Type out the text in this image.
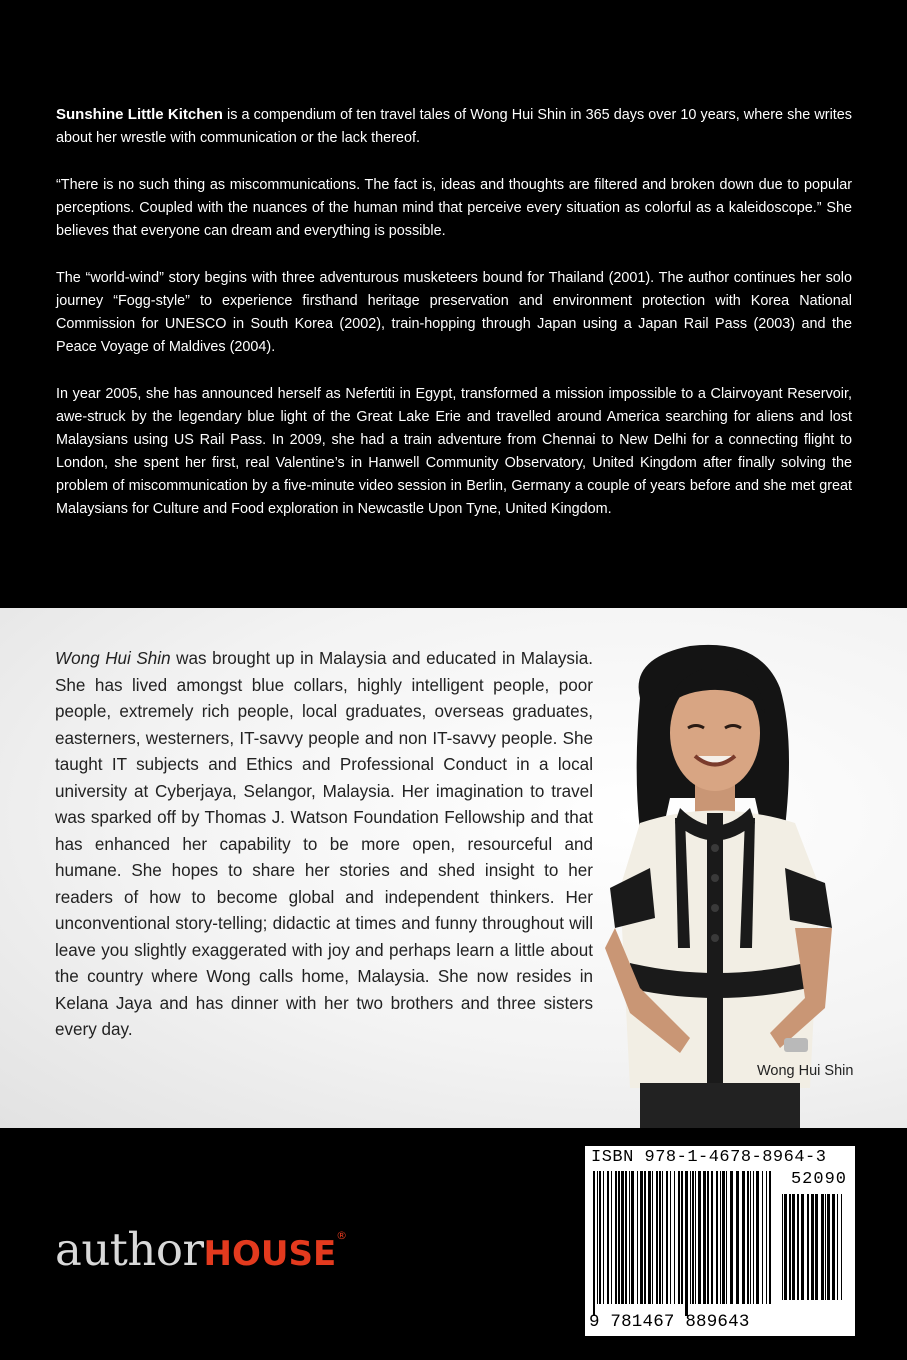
Sunshine Little Kitchen is a compendium of ten travel tales of Wong Hui Shin in 365 days over 10 years, where she writes about her wrestle with communication or the lack thereof.

“There is no such thing as miscommunications. The fact is, ideas and thoughts are filtered and broken down due to popular perceptions. Coupled with the nuances of the human mind that perceive every situation as colorful as a kaleidoscope.” She believes that everyone can dream and everything is possible.

The “world-wind” story begins with three adventurous musketeers bound for Thailand (2001). The author continues her solo journey “Fogg-style” to experience firsthand heritage preservation and environment protection with Korea National Commission for UNESCO in South Korea (2002), train-hopping through Japan using a Japan Rail Pass (2003) and the Peace Voyage of Maldives (2004).

In year 2005, she has announced herself as Nefertiti in Egypt, transformed a mission impossible to a Clairvoyant Reservoir, awe-struck by the legendary blue light of the Great Lake Erie and travelled around America searching for aliens and lost Malaysians using US Rail Pass. In 2009, she had a train adventure from Chennai to New Delhi for a connecting flight to London, she spent her first, real Valentine’s in Hanwell Community Observatory, United Kingdom after finally solving the problem of miscommunication by a five-minute video session in Berlin, Germany a couple of years before and she met great Malaysians for Culture and Food exploration in Newcastle Upon Tyne, United Kingdom.

Wong Hui Shin was brought up in Malaysia and educated in Malaysia. She has lived amongst blue collars, highly intelligent people, poor people, extremely rich people, local graduates, overseas graduates, easterners, westerners, IT-savvy people and non IT-savvy people. She taught IT subjects and Ethics and Professional Conduct in a local university at Cyberjaya, Selangor, Malaysia. Her imagination to travel was sparked off by Thomas J. Watson Foundation Fellowship and that has enhanced her capability to be more open, resourceful and humane. She hopes to share her stories and shed insight to her readers of how to become global and independent thinkers. Her unconventional story-telling; didactic at times and funny throughout will leave you slightly exaggerated with joy and perhaps learn a little about the country where Wong calls home, Malaysia. She now resides in Kelana Jaya and has dinner with her two brothers and three sisters every day.
Wong Hui Shin
authorHOUSE®
ISBN 978-1-4678-8964-3
52090
9 781467 889643
